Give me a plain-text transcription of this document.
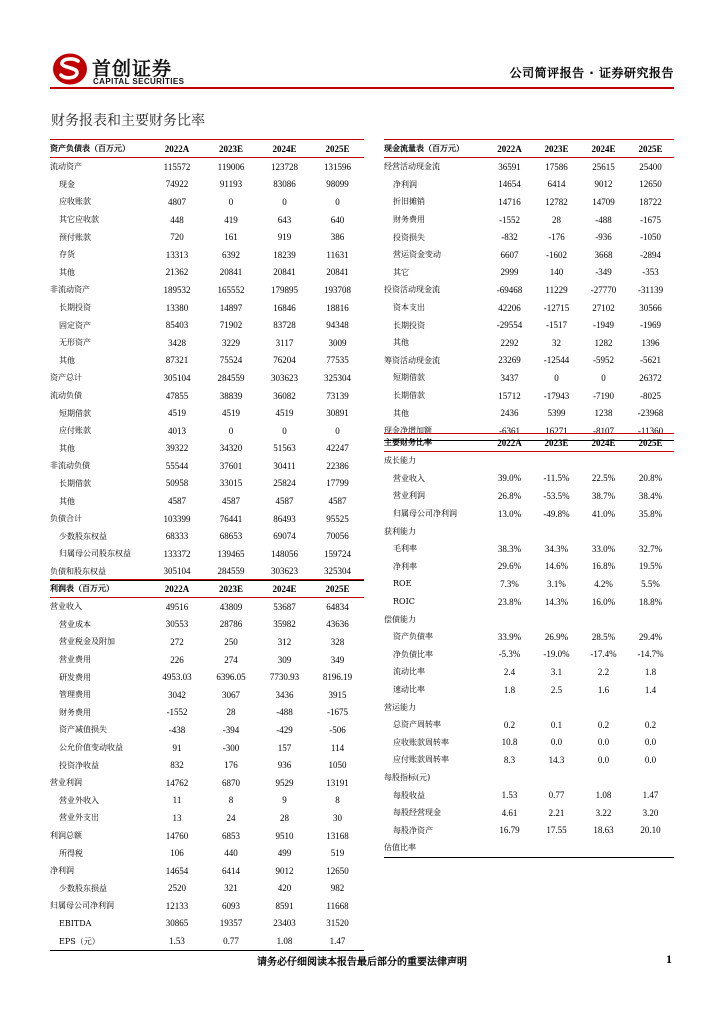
首创证券
CAPITAL SECURITIES
公司简评报告 · 证券研究报告
财务报表和主要财务比率
资产负债表（百万元）	2022A	2023E	2024E	2025E
流动资产	115572	119006	123728	131596
现金	74922	91193	83086	98099
应收账款	4807	0	0	0
其它应收款	448	419	643	640
预付账款	720	161	919	386
存货	13313	6392	18239	11631
其他	21362	20841	20841	20841
非流动资产	189532	165552	179895	193708
长期投资	13380	14897	16846	18816
固定资产	85403	71902	83728	94348
无形资产	3428	3229	3117	3009
其他	87321	75524	76204	77535
资产总计	305104	284559	303623	325304
流动负债	47855	38839	36082	73139
短期借款	4519	4519	4519	30891
应付账款	4013	0	0	0
其他	39322	34320	51563	42247
非流动负债	55544	37601	30411	22386
长期借款	50958	33015	25824	17799
其他	4587	4587	4587	4587
负债合计	103399	76441	86493	95525
少数股东权益	68333	68653	69074	70056
归属母公司股东权益	133372	139465	148056	159724
负债和股东权益	305104	284559	303623	325304
利润表（百万元）	2022A	2023E	2024E	2025E
营业收入	49516	43809	53687	64834
营业成本	30553	28786	35982	43636
营业税金及附加	272	250	312	328
营业费用	226	274	309	349
研发费用	4953.03	6396.05	7730.93	8196.19
管理费用	3042	3067	3436	3915
财务费用	-1552	28	-488	-1675
资产减值损失	-438	-394	-429	-506
公允价值变动收益	91	-300	157	114
投资净收益	832	176	936	1050
营业利润	14762	6870	9529	13191
营业外收入	11	8	9	8
营业外支出	13	24	28	30
利润总额	14760	6853	9510	13168
所得税	106	440	499	519
净利润	14654	6414	9012	12650
少数股东损益	2520	321	420	982
归属母公司净利润	12133	6093	8591	11668
EBITDA	30865	19357	23403	31520
EPS（元）	1.53	0.77	1.08	1.47
现金流量表（百万元）	2022A	2023E	2024E	2025E
经营活动现金流	36591	17586	25615	25400
净利润	14654	6414	9012	12650
折旧摊销	14716	12782	14709	18722
财务费用	-1552	28	-488	-1675
投资损失	-832	-176	-936	-1050
营运资金变动	6607	-1602	3668	-2894
其它	2999	140	-349	-353
投资活动现金流	-69468	11229	-27770	-31139
资本支出	42206	-12715	27102	30566
长期投资	-29554	-1517	-1949	-1969
其他	2292	32	1282	1396
筹资活动现金流	23269	-12544	-5952	-5621
短期借款	3437	0	0	26372
长期借款	15712	-17943	-7190	-8025
其他	2436	5399	1238	-23968
现金净增加额	-6361	16271	-8107	-11360
主要财务比率	2022A	2023E	2024E	2025E
成长能力				
营业收入	39.0%	-11.5%	22.5%	20.8%
营业利润	26.8%	-53.5%	38.7%	38.4%
归属母公司净利润	13.0%	-49.8%	41.0%	35.8%
获利能力				
毛利率	38.3%	34.3%	33.0%	32.7%
净利率	29.6%	14.6%	16.8%	19.5%
ROE	7.3%	3.1%	4.2%	5.5%
ROIC	23.8%	14.3%	16.0%	18.8%
偿债能力				
资产负债率	33.9%	26.9%	28.5%	29.4%
净负债比率	-5.3%	-19.0%	-17.4%	-14.7%
流动比率	2.4	3.1	2.2	1.8
速动比率	1.8	2.5	1.6	1.4
营运能力				
总资产周转率	0.2	0.1	0.2	0.2
应收账款周转率	10.8	0.0	0.0	0.0
应付账款周转率	8.3	14.3	0.0	0.0
每股指标(元)				
每股收益	1.53	0.77	1.08	1.47
每股经营现金	4.61	2.21	3.22	3.20
每股净资产	16.79	17.55	18.63	20.10
估值比率				
请务必仔细阅读本报告最后部分的重要法律声明	1
